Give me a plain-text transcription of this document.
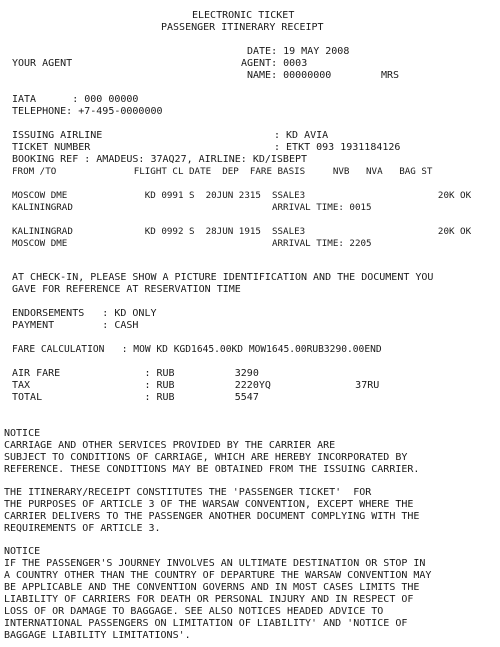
ELECTRONIC TICKET
PASSENGER ITINERARY RECEIPT
DATE: 19 MAY 2008
YOUR AGENT	AGENT: 0003
NAME: 00000000	MRS
IATA      : 000 00000
TELEPHONE: +7-495-0000000
ISSUING AIRLINE	: KD AVIA
TICKET NUMBER	: ETKT 093 1931184126
BOOKING REF : AMADEUS: 37AQ27, AIRLINE: KD/ISBEPT
FROM /TO              FLIGHT CL DATE  DEP  FARE BASIS     NVB   NVA   BAG ST
MOSCOW DME              KD 0991 S  20JUN 2315  SSALE3                        20K OK
KALININGRAD                                    ARRIVAL TIME: 0015
KALININGRAD             KD 0992 S  28JUN 1915  SSALE3                        20K OK
MOSCOW DME                                     ARRIVAL TIME: 2205
AT CHECK-IN, PLEASE SHOW A PICTURE IDENTIFICATION AND THE DOCUMENT YOU
GAVE FOR REFERENCE AT RESERVATION TIME
ENDORSEMENTS   : KD ONLY
PAYMENT        : CASH
FARE CALCULATION   : MOW KD KGD1645.00KD MOW1645.00RUB3290.00END
AIR FARE              : RUB          3290
TAX                   : RUB          2220YQ              37RU
TOTAL                 : RUB          5547
NOTICE
CARRIAGE AND OTHER SERVICES PROVIDED BY THE CARRIER ARE
SUBJECT TO CONDITIONS OF CARRIAGE, WHICH ARE HEREBY INCORPORATED BY
REFERENCE. THESE CONDITIONS MAY BE OBTAINED FROM THE ISSUING CARRIER.
THE ITINERARY/RECEIPT CONSTITUTES THE 'PASSENGER TICKET'  FOR
THE PURPOSES OF ARTICLE 3 OF THE WARSAW CONVENTION, EXCEPT WHERE THE
CARRIER DELIVERS TO THE PASSENGER ANOTHER DOCUMENT COMPLYING WITH THE
REQUIREMENTS OF ARTICLE 3.
NOTICE
IF THE PASSENGER'S JOURNEY INVOLVES AN ULTIMATE DESTINATION OR STOP IN
A COUNTRY OTHER THAN THE COUNTRY OF DEPARTURE THE WARSAW CONVENTION MAY
BE APPLICABLE AND THE CONVENTION GOVERNS AND IN MOST CASES LIMITS THE
LIABILITY OF CARRIERS FOR DEATH OR PERSONAL INJURY AND IN RESPECT OF
LOSS OF OR DAMAGE TO BAGGAGE. SEE ALSO NOTICES HEADED ADVICE TO
INTERNATIONAL PASSENGERS ON LIMITATION OF LIABILITY' AND 'NOTICE OF
BAGGAGE LIABILITY LIMITATIONS'.
